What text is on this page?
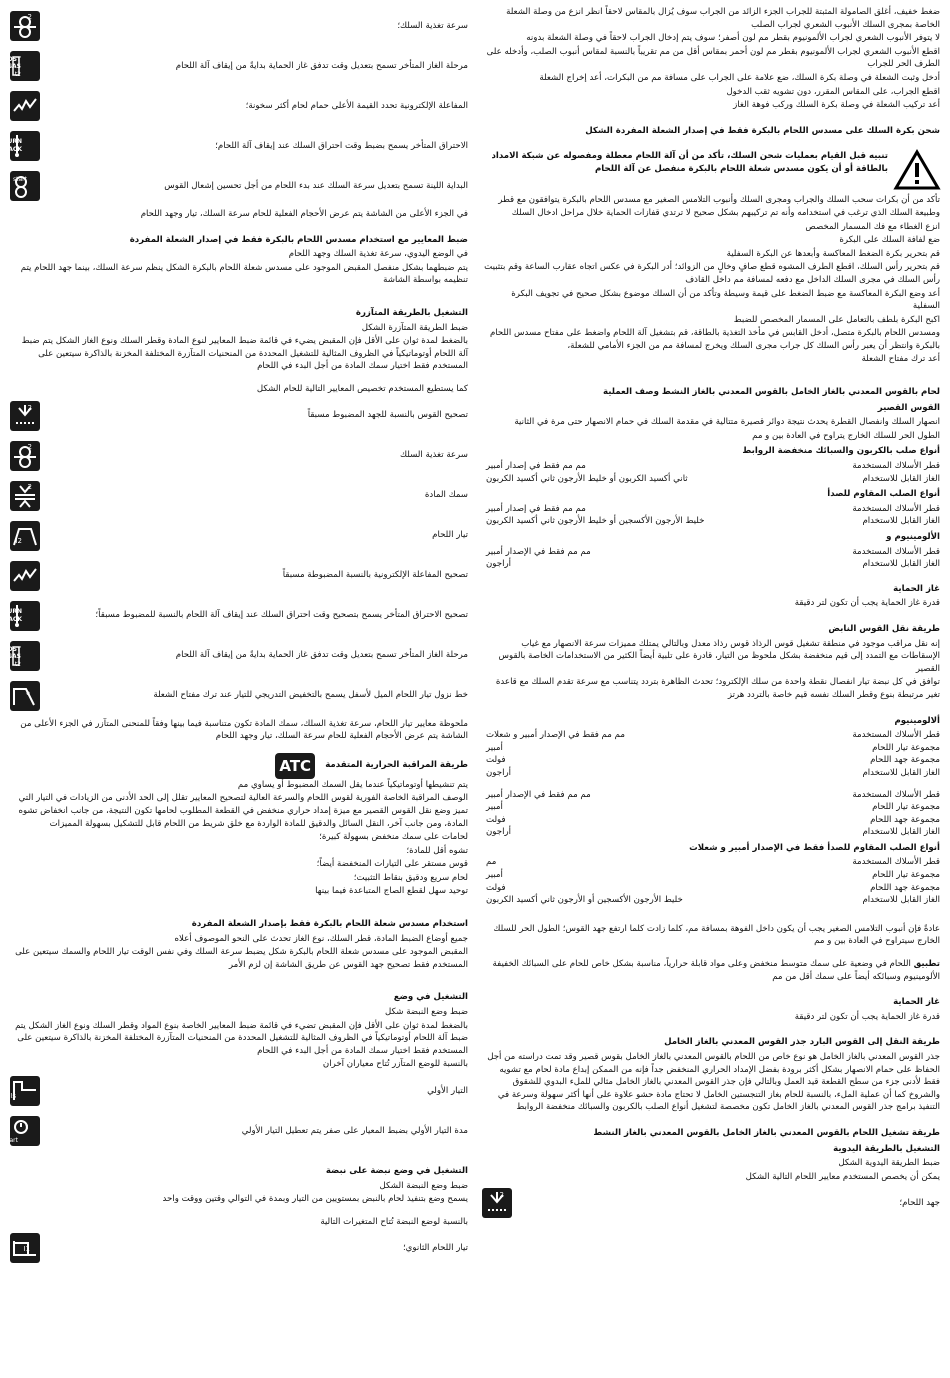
ضغط خفيف، أغلق الصامولة المثبتة للجراب الجزء الزائد من الجراب سوف يُزال بالمقاس لاحقاً انظر انزع من وصلة الشعلة الخاصة بمجرى السلك الأنبوب الشعري لجراب الصلب

لا يتوفر الأنبوب الشعري لجراب الألمونيوم بقطر مم لون أصفر؛ سوف يتم إدخال الجراب لاحقاً في وصلة الشعلة بدونه

اقطع الأنبوب الشعري لجراب الألمونيوم بقطر مم لون أحمر بمقاس أقل من مم تقريباً بالنسبة لمقاس أنبوب الصلب، وأدخله على الطرف الحر للجراب

أدخل وثبت الشعلة في وصلة بكرة السلك، ضع علامة على الجراب على مسافة مم من البكرات، أعد إخراج الشعلة

اقطع الجراب، على المقاس المقرر، دون تشويه ثقب الدخول

أعد تركيب الشعلة في وصلة بكرة السلك وركب فوهة الغاز

شحن بكرة السلك على مسدس اللحام بالبكرة فقط في إصدار الشعلة المفردة الشكل

تنبيه قبل القيام بعمليات شحن السلك، تأكد من أن آلة اللحام معطلة ومفصوله عن شبكة الامداد بالطاقة أو أن يكون مسدس شعلة اللحام بالبكرة منفصل عن آلة اللحام

تأكد من أن بكرات سحب السلك والجراب ومجرى السلك وأنبوب التلامس الصغير مع مسدس اللحام بالبكرة يتوافقون مع قطر وطبيعة السلك الذي ترغب في استخدامه وأنه تم تركيبهم بشكل صحيح لا ترتدي قفازات الحماية خلال مراحل ادخال السلك

انزع الغطاء مع فك المسمار المخصص

ضع لفافة السلك على البكرة

قم بتحرير بكرة الضغط المعاكسة وأبعدها عن البكرة السفلية

قم بتحرير رأس السلك، اقطع الطرف المشوه قطع صافٍ وخالٍ من الزوائد؛ أدر البكرة في عكس اتجاه عقارب الساعة وقم بتثبيت رأس السلك في مجرى السلك الداخل مع دفعه لمسافة مم داخل القاذف

أعد وضع البكرة المعاكسة مع ضبط الضغط على قيمة وسيطة وتأكد من أن السلك موضوع بشكل صحيح في تجويف البكرة السفلية

اكبح البكرة بلطف بالتعامل على المسمار المخصص للضبط

ومسدس اللحام بالبكرة متصل، أدخل القابس في مأخذ التغذية بالطاقة، قم بتشغيل آلة اللحام واضغط على مفتاح مسدس اللحام بالبكرة وانتظر أن يعبر رأس السلك كل جراب مجرى السلك ويخرج لمسافة مم من الجزء الأمامي للشعلة،

أعد ترك مفتاح الشعلة

لحام بالقوس المعدني بالغاز الخامل بالقوس المعدني بالغاز النشط وصف العملية

القوس القصير

انصهار السلك وانفصال القطرة يحدث نتيجة دوائر قصيرة متتالية في مقدمة السلك في حمام الانصهار حتى مرة في الثانية

الطول الحر للسلك الخارج يتراوح في العادة بين و مم

أنواع صلب بالكربون والسبائك منخفضة الروابط

قطر الأسلاك المستخدمة
مم مم فقط في إصدار أمبير
الغاز القابل للاستخدام
ثاني أكسيد الكربون أو خليط الأرجون ثاني أكسيد الكربون

أنواع الصلب المقاوم للصدأ

قطر الأسلاك المستخدمة
مم مم فقط في إصدار أمبير
الغاز القابل للاستخدام
خليط الأرجون الأكسجين أو خليط الأرجون ثاني أكسيد الكربون

الألومينيوم و

قطر الأسلاك المستخدمة
مم مم فقط في الإصدار أمبير
الغاز القابل للاستخدام
أراجون

غاز الحماية

قدرة غاز الحماية يجب أن تكون لتر دقيقة

طريقة نقل القوس النابض

إنه نقل مراقب موجود في منطقة تشغيل قوس الرذاذ قوس رذاذ معدل وبالتالي يمتلك مميزات سرعة الانصهار مع غياب الإسقاطات مع التمدد إلى قيم منخفضة بشكل ملحوظ من التيار، قادرة على تلبية أيضاً الكثير من الاستخدامات الخاصة بالقوس القصير

توافق في كل نبضة تيار انفصال نقطة واحدة من سلك الإلكترود؛ تحدث الظاهرة بتردد يتناسب مع سرعة تقدم السلك مع قاعدة تغير مرتبطة بنوع وقطر السلك نفسه قيم خاصة بالتردد هرتز

ألالومينيوم

قطر الأسلاك المستخدمة
مم مم فقط في الإصدار أمبير و شعلات
مجموعة تيار اللحام
أمبير
مجموعة جهد اللحام
فولت
الغاز القابل للاستخدام
أراجون
قطر الأسلاك المستخدمة
مم مم فقط في الإصدار أمبير
مجموعة تيار اللحام
أمبير
مجموعة جهد اللحام
فولت
الغاز القابل للاستخدام
أراجون

أنواع الصلب المقاوم للصدأ فقط في الإصدار أمبير و شعلات

قطر الأسلاك المستخدمة
مم
مجموعة تيار اللحام
أمبير
مجموعة جهد اللحام
فولت
الغاز القابل للاستخدام
خليط الأرجون الأكسجين أو الأرجون ثاني أكسيد الكربون

عادةً فإن أنبوب التلامس الصغير يجب أن يكون داخل الفوهة بمسافة مم، كلما زادت كلما ارتفع جهد القوس؛ الطول الحر للسلك الخارج سيتراوح في العادة بين و مم

تطبيق اللحام في وضعية على سمك متوسط منخفض وعلى مواد قابلة حرارياً، مناسبة بشكل خاص للحام على السبائك الخفيفة الألومينيوم وسبائكه أيضاً على سمك أقل من مم

غاز الحماية

قدرة غاز الحماية يجب أن تكون لتر دقيقة

طريقة النقل إلى القوس البارد جذر القوس المعدني بالغاز الخامل

جذر القوس المعدني بالغاز الخامل هو نوع خاص من اللحام بالقوس المعدني بالغاز الخامل بقوس قصير وقد تمت دراسته من أجل الحفاظ على حمام الانصهار بشكل أكثر برودة بفضل الإمداد الحراري المنخفض جداً فإنه من الممكن إبداع مادة لحام مع تشويه فقط لأدنى جزء من سطح القطعة قيد العمل وبالتالي فإن جذر القوس المعدني بالغاز الخامل مثالي للملء البدوي للشقوق والشروخ كما أن عملية الملء، بالنسبة للحام بغاز التنجستين الخامل لا تحتاج مادة حشو علاوة على أنها أكثر سهولة وسرعة في التنفيذ برامج جذر القوس المعدني بالغاز الخامل تكون مخصصة لتشغيل أنواع الصلب بالكربون والسبائك منخفضة الروابط

طريقة تشغيل اللحام بالقوس المعدني بالغاز الخامل بالقوس المعدني بالغاز النشط

التشغيل بالطريقة اليدوية

ضبط الطريقة اليدوية الشكل

يمكن أن يخصص المستخدم معايير اللحام التالية الشكل

جهد اللحام؛
2
سرعة تغذية السلك؛
2
مرحلة الغاز المتأخر تسمح بتعديل وقت تدفق غاز الحماية بدايةً من إيقاف آلة اللحام
POST
GAS
t2
المفاعلة الإلكترونية تحدد القيمة الأعلى حمام لحام أكثر سخونة؛
الاحتراق المتأخر يسمح بضبط وقت احتراق السلك عند إيقاف آلة اللحام؛
BURN
BACK
البداية اللينة تسمح بتعديل سرعة السلك عند بدء اللحام من أجل تحسين إشعال القوس
start

في الجزء الأعلى من الشاشة يتم عرض الأحجام الفعلية للحام سرعة السلك، تيار وجهد اللحام

ضبط المعايير مع استخدام مسدس اللحام بالبكرة فقط في إصدار الشعلة المفردة

في الوضع اليدوي، سرعة تغذية السلك وجهد اللحام

يتم ضبطهما بشكل منفصل المقبض الموجود على مسدس شعلة اللحام بالبكرة الشكل ينظم سرعة السلك، بينما جهد اللحام يتم تنظيمه بواسطة الشاشة

التشغيل بالطريقة المتآزرة

ضبط الطريقة المتآزرة الشكل

بالضغط لمدة ثوان على الأقل فإن المقبض يضيء في قائمة ضبط المعايير لنوع المادة وقطر السلك ونوع الغاز الشكل يتم ضبط آلة اللحام أوتوماتيكياً في الظروف المثالية للتشغيل المحددة من المنحنيات المتآزرة المختلفة المخزنة بالذاكرة سيتعين على المستخدم فقط اختيار سمك المادة من أجل البدء في اللحام

كما يستطيع المستخدم تخصيص المعايير التالية للحام الشكل

تصحيح القوس بالنسبة للجهد المضبوط مسبقاً
2
سرعة تغذية السلك
2
سمك المادة
2
تيار اللحام
I2
تصحيح المفاعلة الإلكترونية بالنسبة المضبوطة مسبقاً
تصحيح الاحتراق المتأخر يسمح بتصحيح وقت احتراق السلك عند إيقاف آلة اللحام بالنسبة للمضبوط مسبقاً؛
BURN
BACK
مرحلة الغاز المتأخر تسمح بتعديل وقت تدفق غاز الحماية بدايةً من إيقاف آلة اللحام
POST
GAS
t2
خط نزول تيار اللحام الميل لأسفل يسمح بالتخفيض التدريجي للتيار عند ترك مفتاح الشعلة
e

ملحوظة معايير تيار اللحام، سرعة تغذية السلك، سمك المادة تكون متناسبة فيما بينها وفقاً للمنحنى المتآزر في الجزء الأعلى من الشاشة يتم عرض الأحجام الفعلية للحام سرعة السلك، تيار وجهد اللحام

طريقة المراقبة الحرارية المتقدمة
ATC

يتم تنشيطها أوتوماتيكياً عندما يقل السمك المضبوط أو يساوي مم

الوصف المراقبة الخاصة الفورية لقوس اللحام والسرعة العالية لتصحيح المعايير تقلل إلى الحد الأدنى من الزيادات في التيار التي تميز وضع نقل القوس القصير مع ميزة إمداد حراري منخفض في القطعة المطلوب لحامها تكون النتيجة، من جانب انخفاض تشوه المادة، ومن جانب آخر، النقل السائل والدقيق للمادة الواردة مع خلق شريط من اللحام قابل للتشكيل بسهولة المميزات

لحامات على سمك منخفض بسهولة كبيرة؛

تشوه أقل للمادة؛

قوس مستقر على التيارات المنخفضة أيضاً؛

لحام سريع ودقيق بنقاط التثبيت؛

توحيد سهل لقطع الصاج المتباعدة فيما بينها

استخدام مسدس شعلة اللحام بالبكرة فقط بإصدار الشعلة المفردة

جميع أوضاع الضبط المادة، قطر السلك، نوع الغاز تحدث على النحو الموصوف أعلاه

المقبض الموجود على مسدس شعلة اللحام بالبكرة شكل يضبط سرعة السلك وفي نفس الوقت تيار اللحام والسمك سيتعين على المستخدم فقط تصحيح جهد القوس عن طريق الشاشة إن لزم الأمر

التشغيل في وضع

ضبط وضع النبضة شكل

بالضغط لمدة ثوان على الأقل فإن المقبض تضيء في قائمة ضبط المعايير الخاصة بنوع المواد وقطر السلك ونوع الغاز الشكل يتم ضبط آلة اللحام أوتوماتيكياً في الظروف المثالية للتشغيل المحددة من المنحنيات المتآزرة المختلفة المخزنة بالذاكرة سيتعين على المستخدم فقط اختيار سمك المادة من أجل البدء في اللحام

بالنسبة للوضع المتآزر تُتاح معياران آخران

التيار الأولي
Is
مدة التيار الأولي بضبط المعيار على صفر يتم تعطيل التيار الأولي
t
start

التشغيل في وضع نبضة على نبضة

ضبط وضع النبضة الشكل

يسمح وضع بتنفيذ لحام بالنبض بمستويين من التيار وبمدة في التوالي وقتين ووقت واحد

بالنسبة لوضع النبضة تُتاح المتغيرات التالية

تيار اللحام الثانوي؛
I1
